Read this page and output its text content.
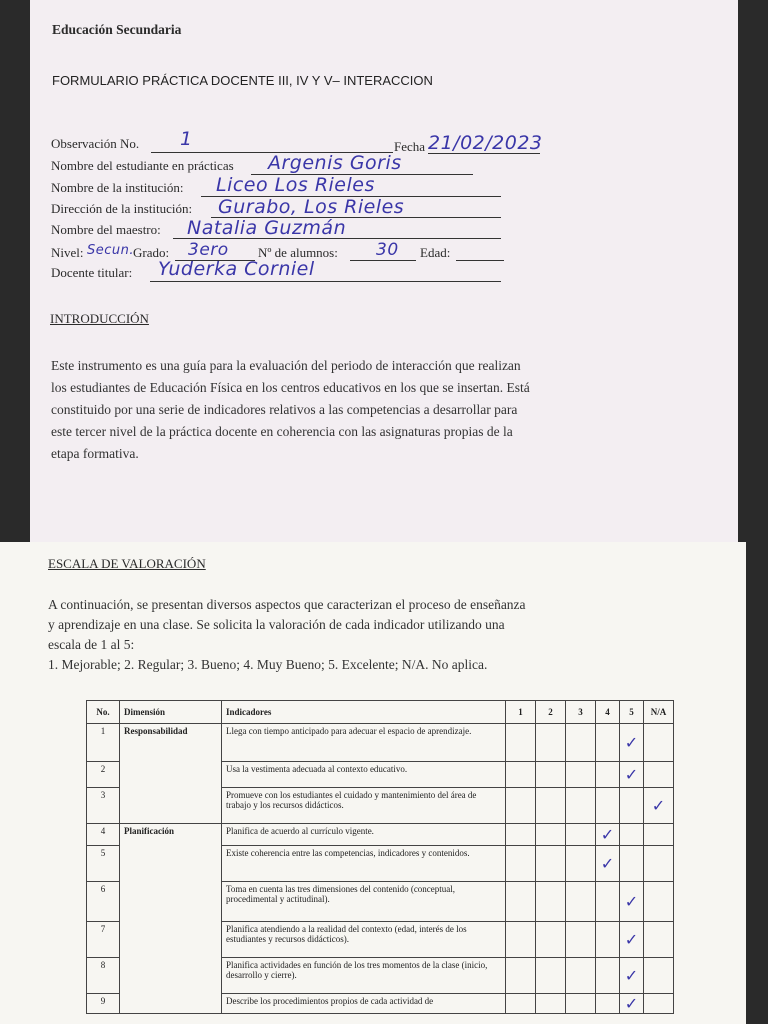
Educación Secundaria
FORMULARIO PRÁCTICA DOCENTE III, IV Y V– INTERACCION
Observación No. 1	Fecha 21/02/2023
Nombre del estudiante en prácticas Argenis Goris
Nombre de la institución: Liceo Los Rieles
Dirección de la institución: Gurabo, Los Rieles
Nombre del maestro: Natalia Guzmán
Nivel: Secun.
Grado: 3ero Nº de alumnos: 30 Edad:
Docente titular: Yuderka Corniel
INTRODUCCIÓN
Este instrumento es una guía para la evaluación del periodo de interacción que realizan
los estudiantes de Educación Física en los centros educativos en los que se insertan. Está
constituido por una serie de indicadores relativos a las competencias a desarrollar para
este tercer nivel de la práctica docente en coherencia con las asignaturas propias de la
etapa formativa.
ESCALA DE VALORACIÓN
A continuación, se presentan diversos aspectos que caracterizan el proceso de enseñanza
y aprendizaje en una clase. Se solicita la valoración de cada indicador utilizando una
escala de 1 al 5:
1. Mejorable; 2. Regular; 3. Bueno; 4. Muy Bueno; 5. Excelente; N/A. No aplica.
No.	Dimensión	Indicadores	1	2	3	4	5	N/A
1	Responsabilidad	Llega con tiempo anticipado para adecuar el espacio de aprendizaje.					✓	
2		Usa la vestimenta adecuada al contexto educativo.					✓	
3		Promueve con los estudiantes el cuidado y mantenimiento del área de trabajo y los recursos didácticos.						✓
4	Planificación	Planifica de acuerdo al currículo vigente.				✓		
5		Existe coherencia entre las competencias, indicadores y contenidos.				✓		
6		Toma en cuenta las tres dimensiones del contenido (conceptual, procedimental y actitudinal).					✓	
7		Planifica atendiendo a la realidad del contexto (edad, interés de los estudiantes y recursos didácticos).					✓	
8		Planifica actividades en función de los tres momentos de la clase (inicio, desarrollo y cierre).					✓	
9		Describe los procedimientos propios de cada actividad de					✓	
